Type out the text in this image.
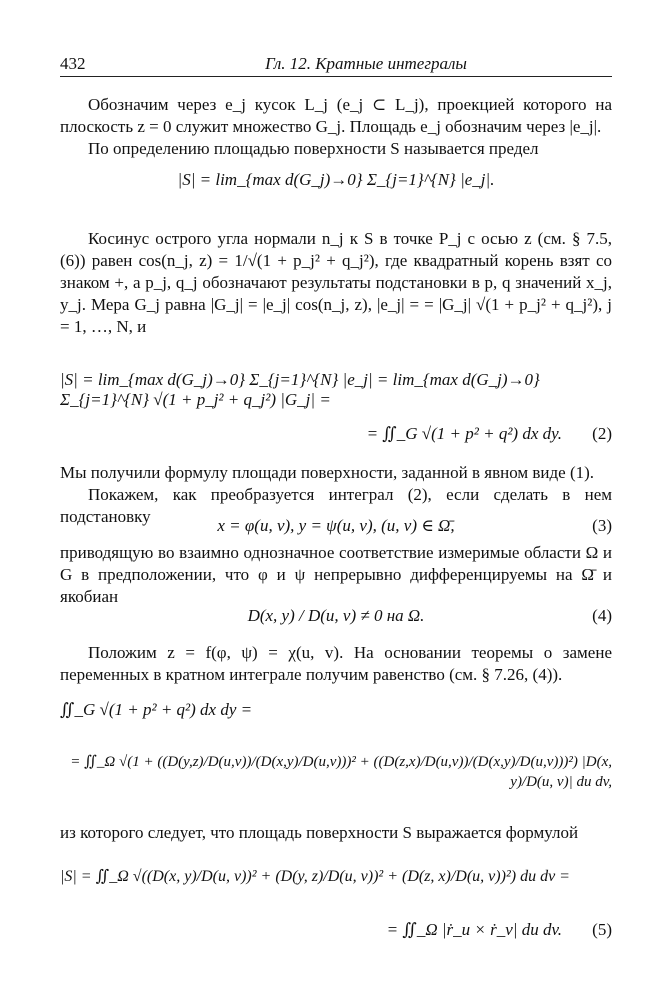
432	Гл. 12. Кратные интегралы

Обозначим через e_j кусок L_j (e_j ⊂ L_j), проекцией которого на плоскость z = 0 служит множество G_j. Площадь e_j обозначим через |e_j|.

По определению площадью поверхности S называется предел

|S| = lim_{max d(G_j)→0} Σ_{j=1}^{N} |e_j|.

Косинус острого угла нормали n_j к S в точке P_j с осью z (см. § 7.5, (6)) равен cos(n_j, z) = 1/√(1 + p_j² + q_j²), где квадратный корень взят со знаком +, а p_j, q_j обозначают результаты подстановки в p, q значений x_j, y_j. Мера G_j равна |G_j| = |e_j| cos(n_j, z), |e_j| = = |G_j| √(1 + p_j² + q_j²), j = 1, …, N, и

|S| = lim_{max d(G_j)→0} Σ_{j=1}^{N} |e_j| = lim_{max d(G_j)→0} Σ_{j=1}^{N} √(1 + p_j² + q_j²) |G_j| =
= ∬_G √(1 + p² + q²) dx dy. (2)

Мы получили формулу площади поверхности, заданной в явном виде (1).

Покажем, как преобразуется интеграл (2), если сделать в нем подстановку	x = φ(u, v), y = ψ(u, v), (u, v) ∈ Ω̄,	(3)

приводящую во взаимно однозначное соответствие измеримые области Ω и G в предположении, что φ и ψ непрерывно дифференцируемы на Ω̄ и якобиан

D(x, y) / D(u, v) ≠ 0 на Ω.	(4)

Положим z = f(φ, ψ) = χ(u, v). На основании теоремы о замене переменных в кратном интеграле получим равенство (см. § 7.26, (4)).

∬_G √(1 + p² + q²) dx dy =
= ∬_Ω √(1 + ((D(y,z)/D(u,v))/(D(x,y)/D(u,v)))² + ((D(z,x)/D(u,v))/(D(x,y)/D(u,v)))²) |D(x, y)/D(u, v)| du dv,

из которого следует, что площадь поверхности S выражается формулой

|S| = ∬_Ω √((D(x, y)/D(u, v))² + (D(y, z)/D(u, v))² + (D(z, x)/D(u, v))²) du dv =
= ∬_Ω |ṙ_u × ṙ_v| du dv. (5)
